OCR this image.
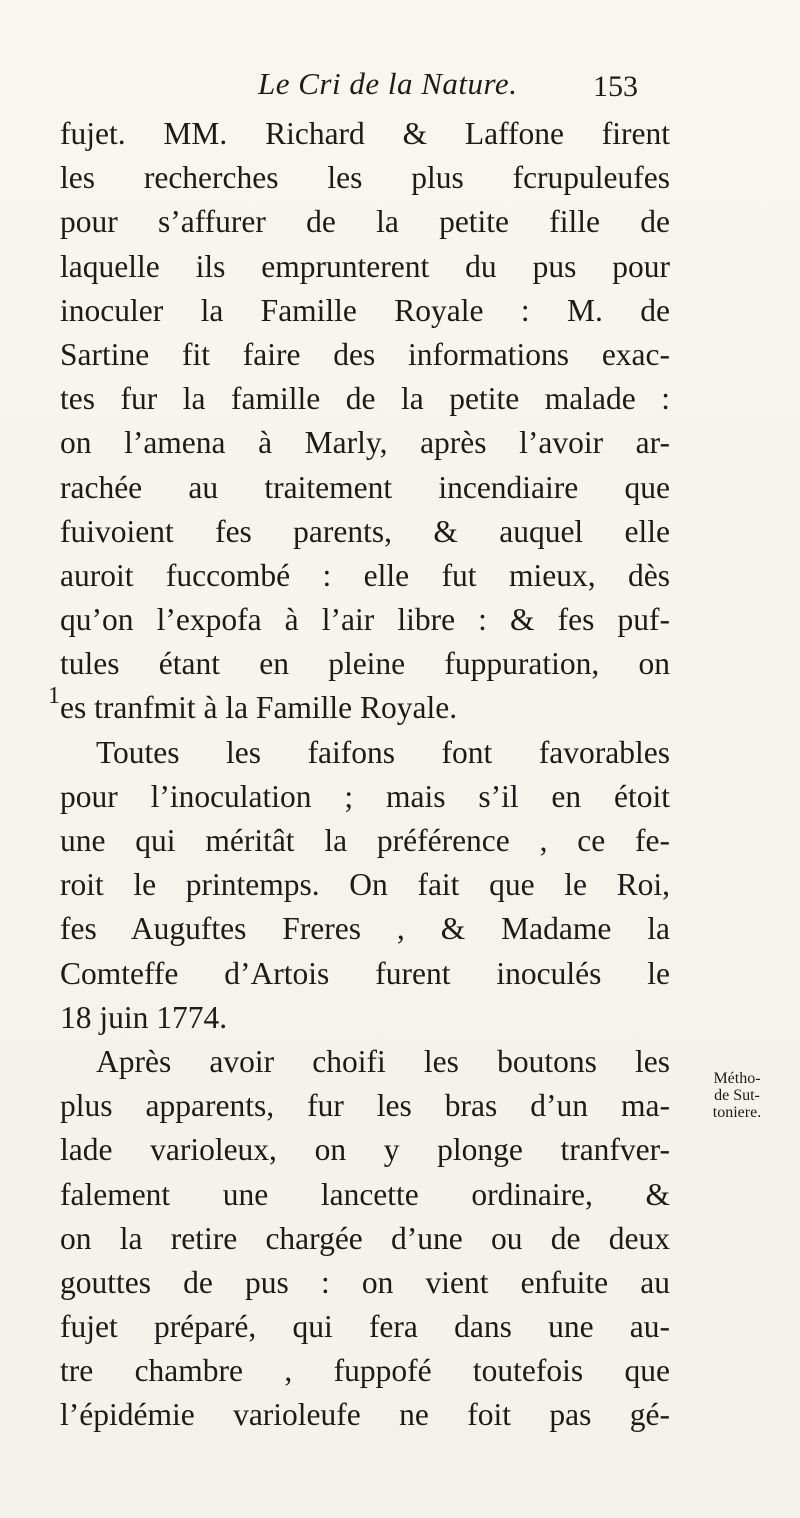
Le Cri de la Nature.	153
1
fujet. MM. Richard & Laffone firent
les recherches les plus fcrupuleufes
pour s’affurer de la petite fille de
laquelle ils emprunterent du pus pour
inoculer la Famille Royale : M. de
Sartine fit faire des informations exac-
tes fur la famille de la petite malade :
on l’amena à Marly, après l’avoir ar-
rachée au traitement incendiaire que
fuivoient fes parents, & auquel elle
auroit fuccombé : elle fut mieux, dès
qu’on l’expofa à l’air libre : & fes puf-
tules étant en pleine fuppuration, on
es tranfmit à la Famille Royale.
Toutes les faifons font favorables
pour l’inoculation ; mais s’il en étoit
une qui méritât la préférence , ce fe-
roit le printemps. On fait que le Roi,
fes Auguftes Freres , & Madame la
Comteffe d’Artois furent inoculés le
18 juin 1774.
Après avoir choifi les boutons les
plus apparents, fur les bras d’un ma-
lade varioleux, on y plonge tranfver-
falement une lancette ordinaire, &
on la retire chargée d’une ou de deux
gouttes de pus : on vient enfuite au
fujet préparé, qui fera dans une au-
tre chambre , fuppofé toutefois que
l’épidémie varioleufe ne foit pas gé-
Métho-
de Sut-
toniere.
